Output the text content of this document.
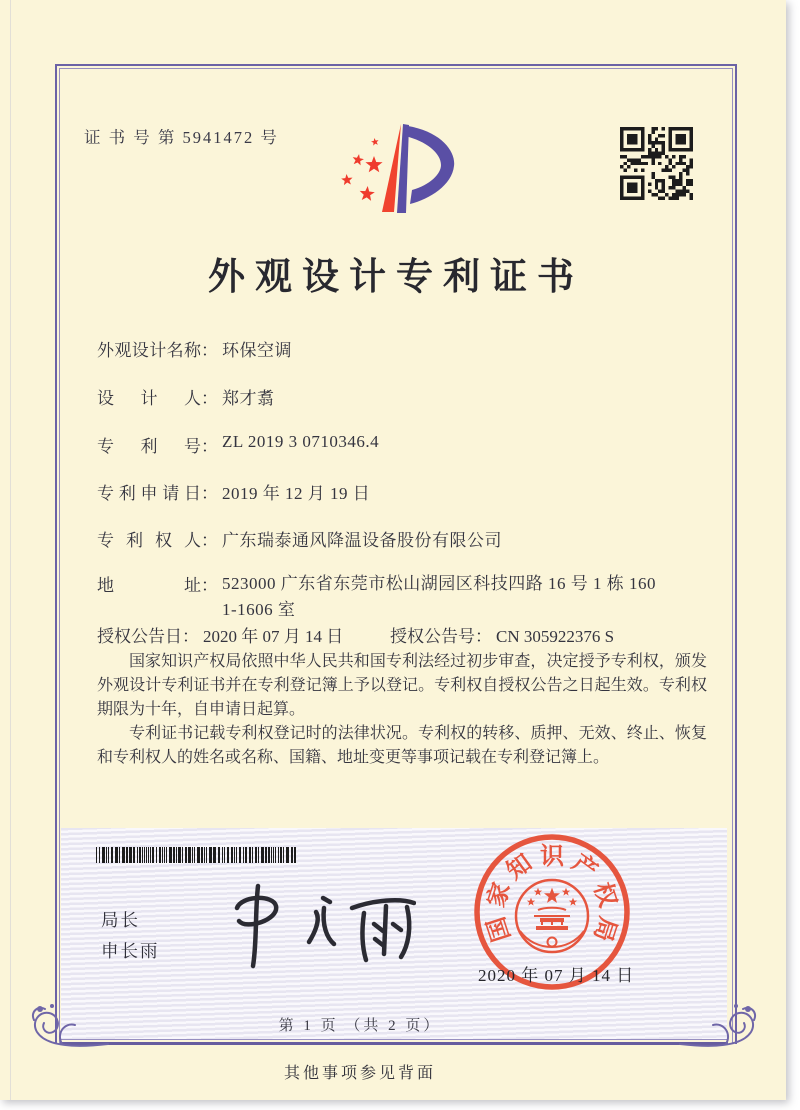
证 书 号 第 5941472 号
外观设计专利证书
外观设计名称： 环保空调
设计人： 郑才翥
专利号： ZL 2019 3 0710346.4
专利申请日： 2019 年 12 月 19 日
专利权人： 广东瑞泰通风降温设备股份有限公司
地址： 523000 广东省东莞市松山湖园区科技四路 16 号 1 栋 1601-1606 室
授权公告日： 2020 年 07 月 14 日	授权公告号： CN 305922376 S

国家知识产权局依照中华人民共和国专利法经过初步审查，决定授予专利权，颁发外观设计专利证书并在专利登记簿上予以登记。专利权自授权公告之日起生效。专利权期限为十年，自申请日起算。

专利证书记载专利权登记时的法律状况。专利权的转移、质押、无效、终止、恢复和专利权人的姓名或名称、国籍、地址变更等事项记载在专利登记簿上。

局长
申长雨
国
家
知 识 产
权
局
2020 年 07 月 14 日
第 1 页 （共 2 页）
其他事项参见背面
